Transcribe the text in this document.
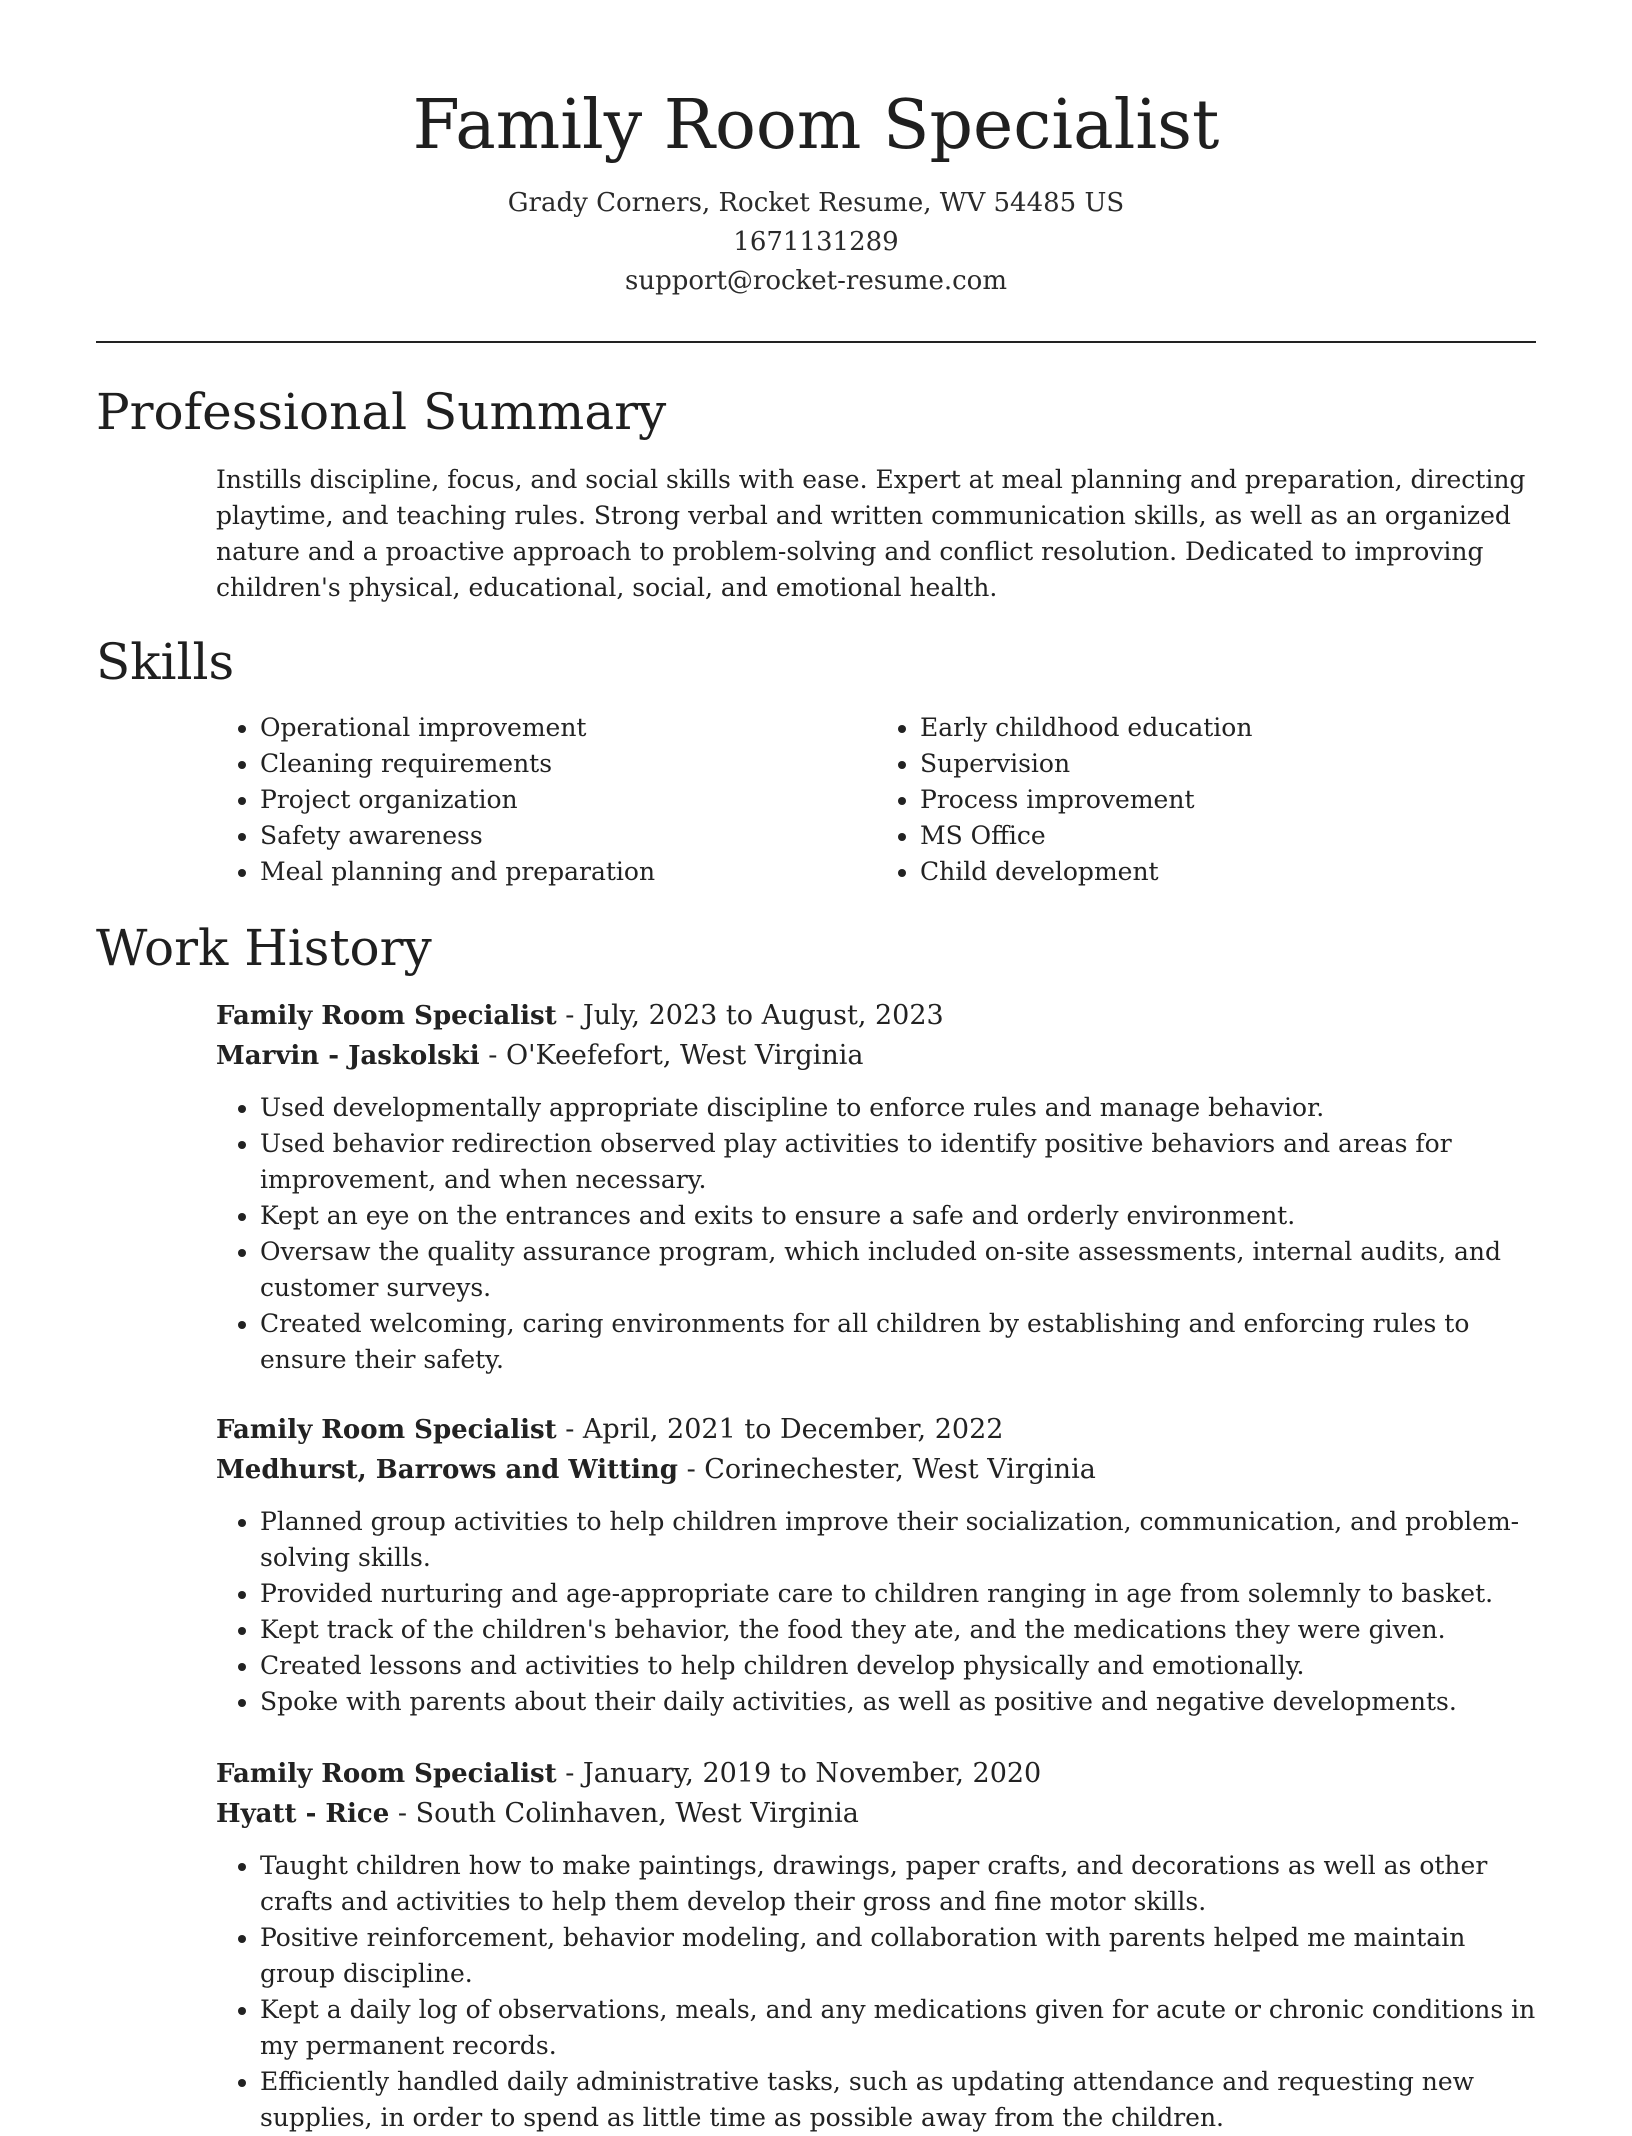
Family Room Specialist
Grady Corners, Rocket Resume, WV 54485 US
1671131289
support@rocket-resume.com
Professional Summary

Instills discipline, focus, and social skills with ease. Expert at meal planning and preparation, directing playtime, and teaching rules. Strong verbal and written communication skills, as well as an organized nature and a proactive approach to problem-solving and conflict resolution. Dedicated to improving children's physical, educational, social, and emotional health.

Skills
• Operational improvement
• Cleaning requirements
• Project organization
• Safety awareness
• Meal planning and preparation
• Early childhood education
• Supervision
• Process improvement
• MS Office
• Child development
Work History
Family Room Specialist - July, 2023 to August, 2023
Marvin - Jaskolski - O'Keefefort, West Virginia
• Used developmentally appropriate discipline to enforce rules and manage behavior.
• Used behavior redirection observed play activities to identify positive behaviors and areas for improvement, and when necessary.
• Kept an eye on the entrances and exits to ensure a safe and orderly environment.
• Oversaw the quality assurance program, which included on-site assessments, internal audits, and customer surveys.
• Created welcoming, caring environments for all children by establishing and enforcing rules to ensure their safety.
Family Room Specialist - April, 2021 to December, 2022
Medhurst, Barrows and Witting - Corinechester, West Virginia
• Planned group activities to help children improve their socialization, communication, and problem-solving skills.
• Provided nurturing and age-appropriate care to children ranging in age from solemnly to basket.
• Kept track of the children's behavior, the food they ate, and the medications they were given.
• Created lessons and activities to help children develop physically and emotionally.
• Spoke with parents about their daily activities, as well as positive and negative developments.
Family Room Specialist - January, 2019 to November, 2020
Hyatt - Rice - South Colinhaven, West Virginia
• Taught children how to make paintings, drawings, paper crafts, and decorations as well as other crafts and activities to help them develop their gross and fine motor skills.
• Positive reinforcement, behavior modeling, and collaboration with parents helped me maintain group discipline.
• Kept a daily log of observations, meals, and any medications given for acute or chronic conditions in my permanent records.
• Efficiently handled daily administrative tasks, such as updating attendance and requesting new supplies, in order to spend as little time as possible away from the children.
